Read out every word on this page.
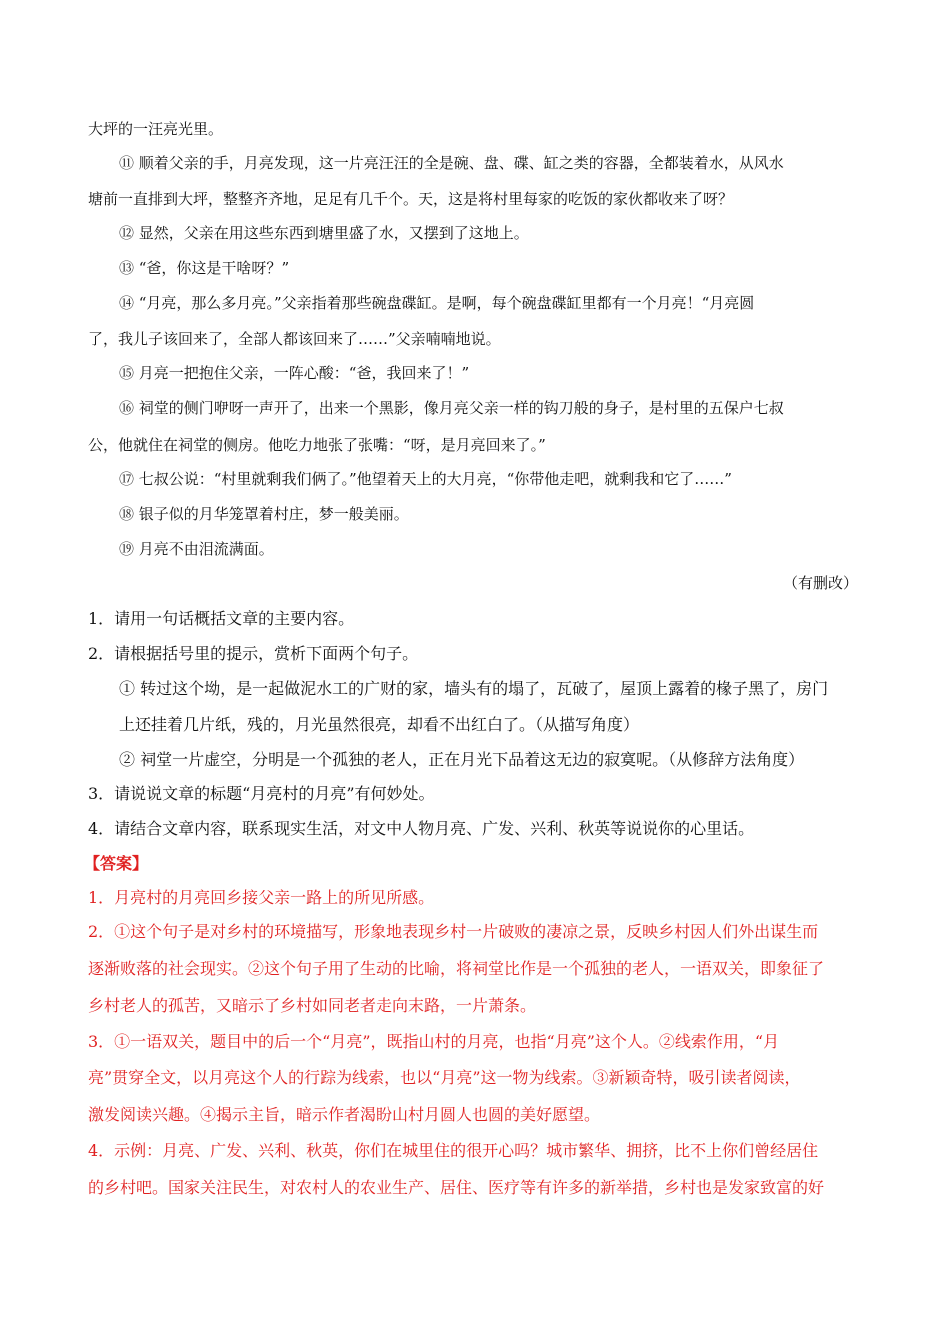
大坪的一汪亮光里。
⑪ 顺着父亲的手，月亮发现，这一片亮汪汪的全是碗、盘、碟、缸之类的容器，全都装着水，从风水
塘前一直排到大坪，整整齐齐地，足足有几千个。天，这是将村里每家的吃饭的家伙都收来了呀？
⑫ 显然，父亲在用这些东西到塘里盛了水，又摆到了这地上。
⑬ “爸，你这是干啥呀？”
⑭ “月亮，那么多月亮。”父亲指着那些碗盘碟缸。是啊，每个碗盘碟缸里都有一个月亮！“月亮圆
了，我儿子该回来了，全部人都该回来了……”父亲喃喃地说。
⑮ 月亮一把抱住父亲，一阵心酸：“爸，我回来了！”
⑯ 祠堂的侧门咿呀一声开了，出来一个黑影，像月亮父亲一样的钩刀般的身子，是村里的五保户七叔
公，他就住在祠堂的侧房。他吃力地张了张嘴：“呀，是月亮回来了。”
⑰ 七叔公说：“村里就剩我们俩了。”他望着天上的大月亮，“你带他走吧，就剩我和它了……”
⑱ 银子似的月华笼罩着村庄，梦一般美丽。
⑲ 月亮不由泪流满面。
（有删改）
1．请用一句话概括文章的主要内容。
2．请根据括号里的提示，赏析下面两个句子。
① 转过这个坳，是一起做泥水工的广财的家，墙头有的塌了，瓦破了，屋顶上露着的椽子黑了，房门
上还挂着几片纸，残的，月光虽然很亮，却看不出红白了。（从描写角度）
② 祠堂一片虚空，分明是一个孤独的老人，正在月光下品着这无边的寂寞呢。（从修辞方法角度）
3．请说说文章的标题“月亮村的月亮”有何妙处。
4．请结合文章内容，联系现实生活，对文中人物月亮、广发、兴利、秋英等说说你的心里话。
【答案】
1．月亮村的月亮回乡接父亲一路上的所见所感。
2．①这个句子是对乡村的环境描写，形象地表现乡村一片破败的凄凉之景，反映乡村因人们外出谋生而
逐渐败落的社会现实。②这个句子用了生动的比喻，将祠堂比作是一个孤独的老人，一语双关，即象征了
乡村老人的孤苦，又暗示了乡村如同老者走向末路，一片萧条。
3．①一语双关，题目中的后一个“月亮”，既指山村的月亮，也指“月亮”这个人。②线索作用，“月
亮”贯穿全文，以月亮这个人的行踪为线索，也以“月亮”这一物为线索。③新颖奇特，吸引读者阅读，
激发阅读兴趣。④揭示主旨，暗示作者渴盼山村月圆人也圆的美好愿望。
4．示例：月亮、广发、兴利、秋英，你们在城里住的很开心吗？城市繁华、拥挤，比不上你们曾经居住
的乡村吧。国家关注民生，对农村人的农业生产、居住、医疗等有许多的新举措，乡村也是发家致富的好
